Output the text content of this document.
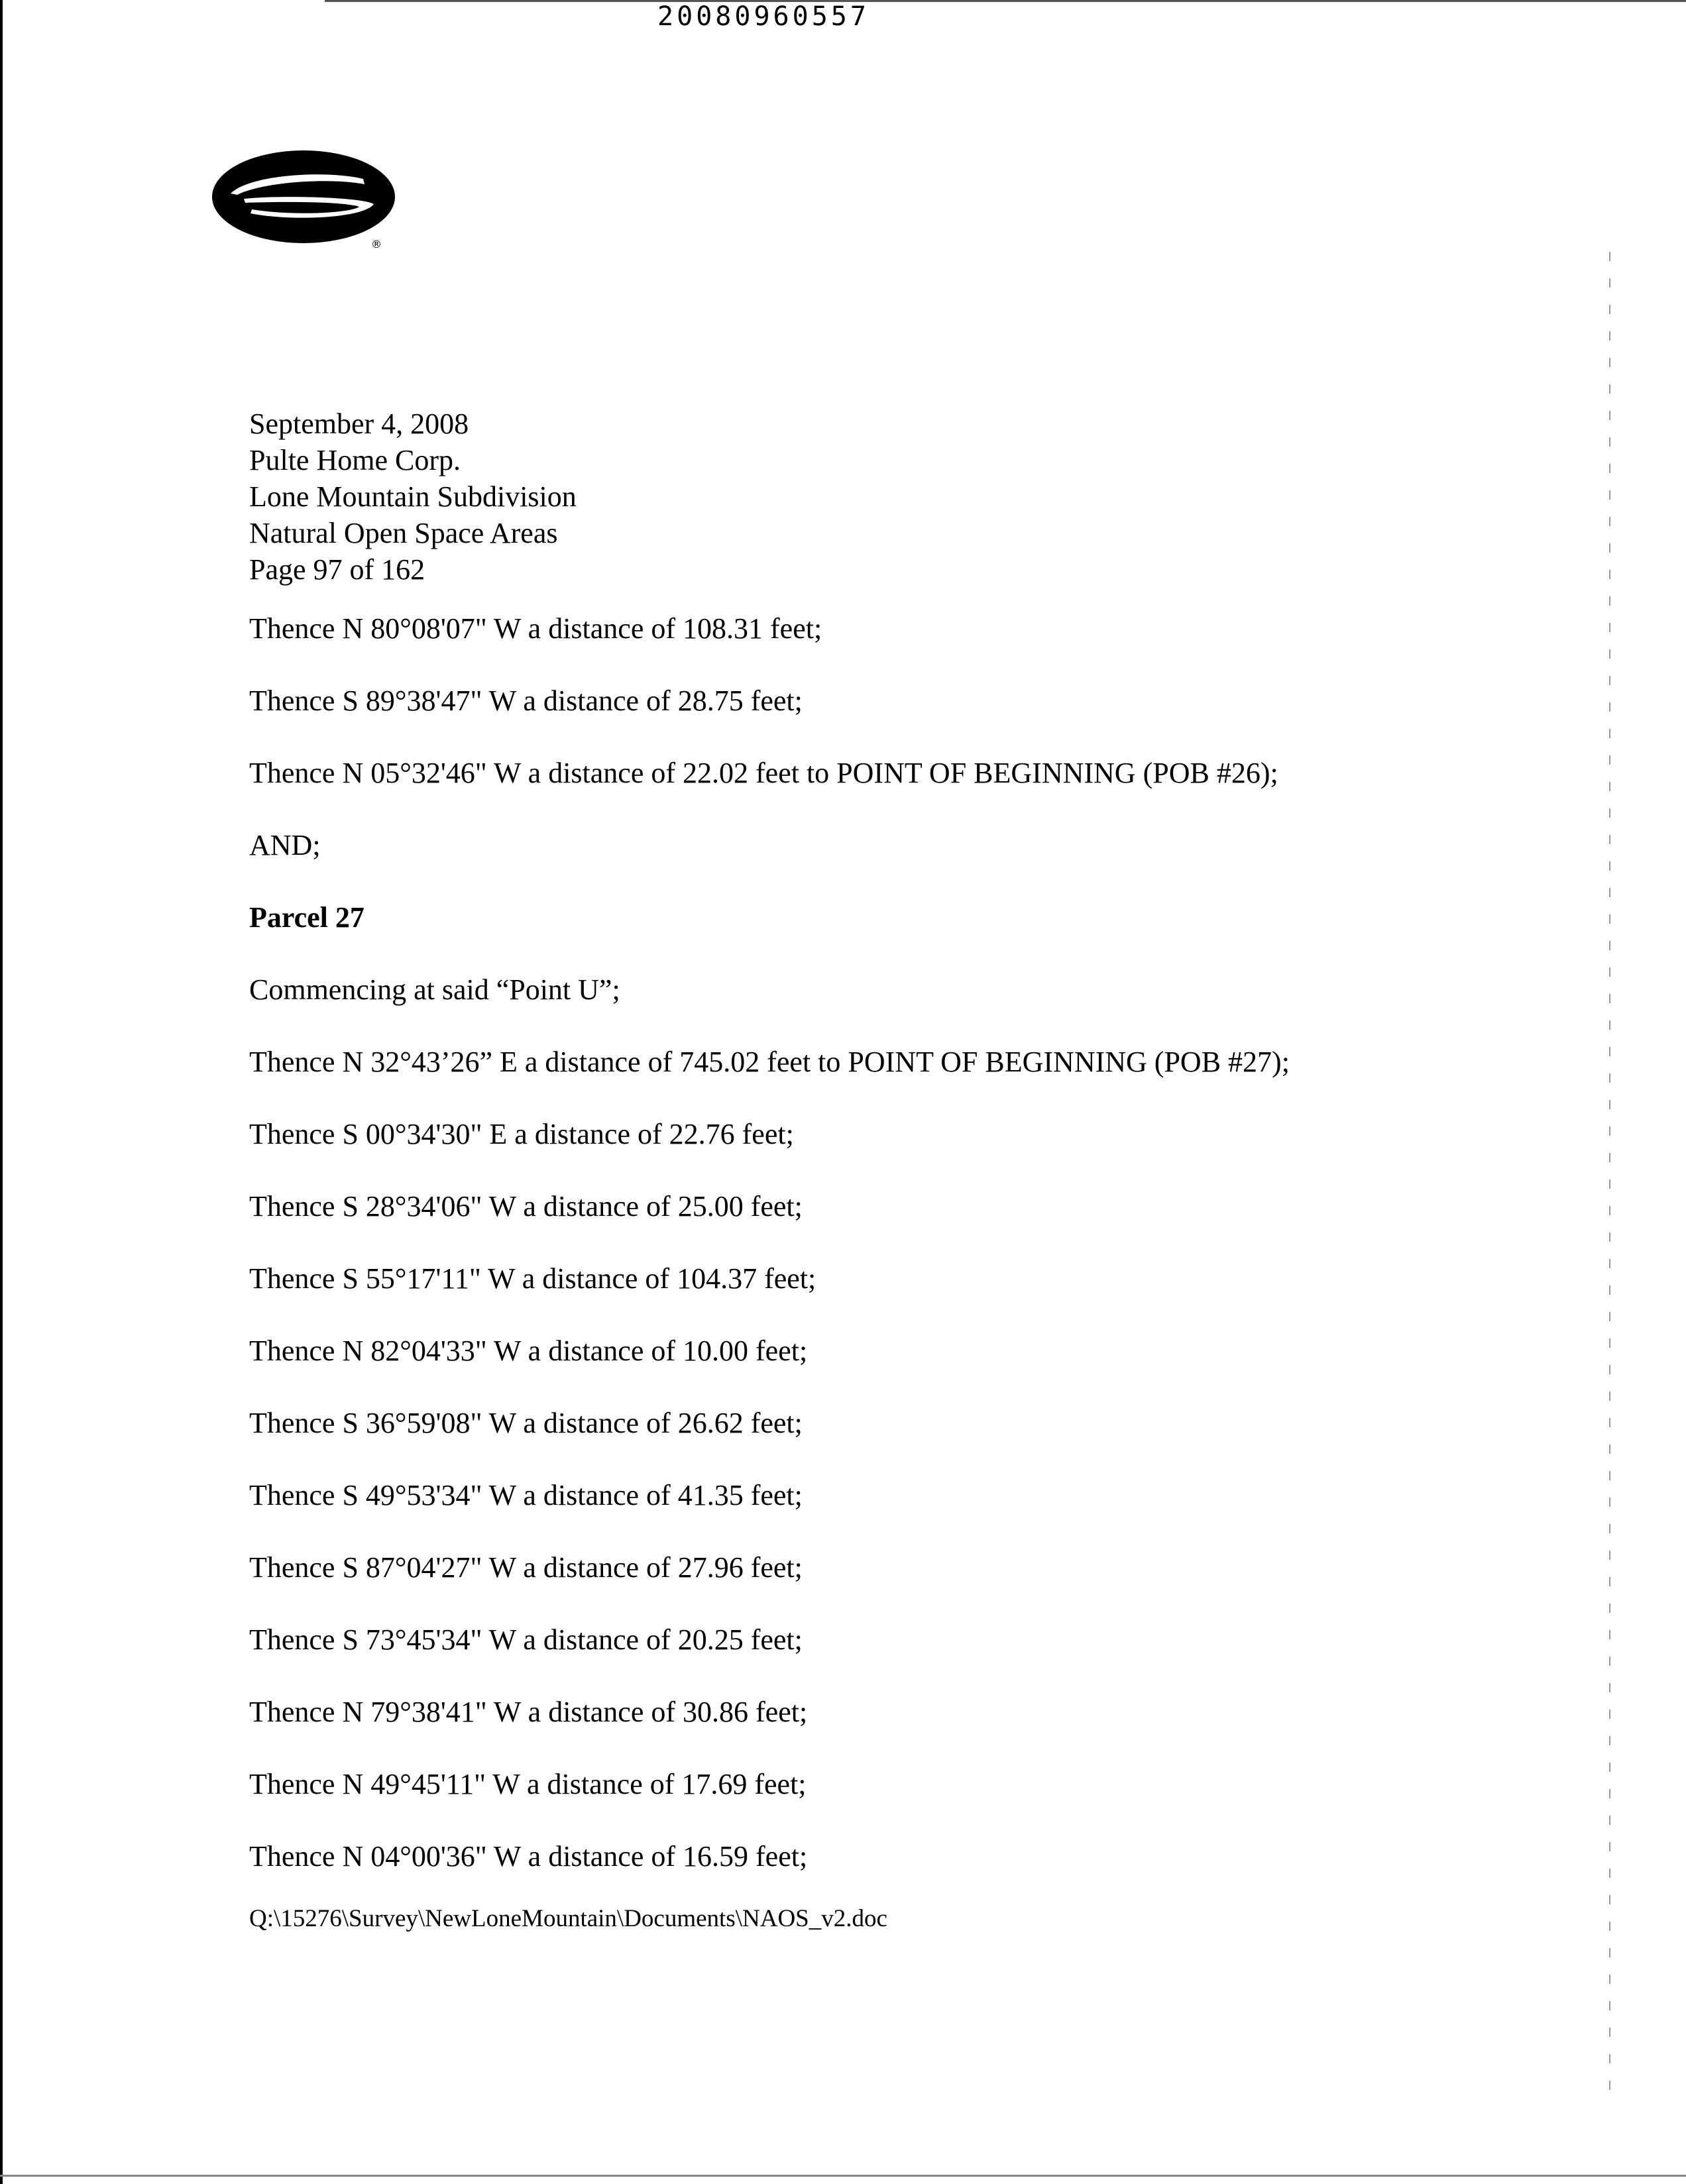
20080960557
®
September 4, 2008
Pulte Home Corp.
Lone Mountain Subdivision
Natural Open Space Areas
Page 97 of 162
Thence N 80°08'07" W a distance of 108.31 feet;
Thence S 89°38'47" W a distance of 28.75 feet;
Thence N 05°32'46" W a distance of 22.02 feet to POINT OF BEGINNING (POB #26);
AND;
Parcel 27
Commencing at said “Point U”;
Thence N 32°43’26” E a distance of 745.02 feet to POINT OF BEGINNING (POB #27);
Thence S 00°34'30" E a distance of 22.76 feet;
Thence S 28°34'06" W a distance of 25.00 feet;
Thence S 55°17'11" W a distance of 104.37 feet;
Thence N 82°04'33" W a distance of 10.00 feet;
Thence S 36°59'08" W a distance of 26.62 feet;
Thence S 49°53'34" W a distance of 41.35 feet;
Thence S 87°04'27" W a distance of 27.96 feet;
Thence S 73°45'34" W a distance of 20.25 feet;
Thence N 79°38'41" W a distance of 30.86 feet;
Thence N 49°45'11" W a distance of 17.69 feet;
Thence N 04°00'36" W a distance of 16.59 feet;
Q:\15276\Survey\NewLoneMountain\Documents\NAOS_v2.doc
